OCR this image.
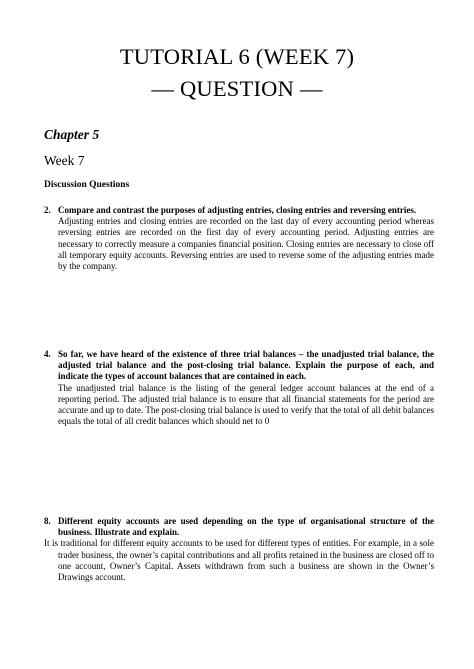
TUTORIAL 6 (WEEK 7)
— QUESTION —
Chapter 5
Week 7
Discussion Questions
2. Compare and contrast the purposes of adjusting entries, closing entries and reversing entries.
Adjusting entries and closing entries are recorded on the last day of every accounting period whereas reversing entries are recorded on the first day of every accounting period. Adjusting entries are necessary to correctly measure a companies financial position. Closing entries are necessary to close off all temporary equity accounts. Reversing entries are used to reverse some of the adjusting entries made by the company.
4. So far, we have heard of the existence of three trial balances – the unadjusted trial balance, the adjusted trial balance and the post-closing trial balance. Explain the purpose of each, and indicate the types of account balances that are contained in each.
The unadjusted trial balance is the listing of the general ledger account balances at the end of a reporting period. The adjusted trial balance is to ensure that all financial statements for the period are accurate and up to date. The post-closing trial balance is used to verify that the total of all debit balances equals the total of all credit balances which should net to 0
8. Different equity accounts are used depending on the type of organisational structure of the business. Illustrate and explain.
It is traditional for different equity accounts to be used for different types of entities. For example, in a sole trader business, the owner’s capital contributions and all profits retained in the business are closed off to one account, Owner’s Capital. Assets withdrawn from such a business are shown in the Owner’s Drawings account.
